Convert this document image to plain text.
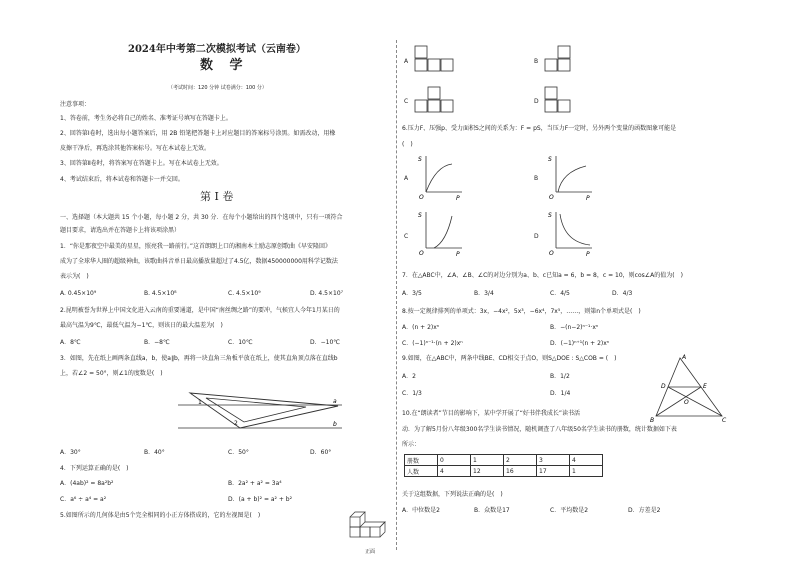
2024年中考第二次模拟考试（云南卷）
数 学
（考试时间：120 分钟 试卷满分：100 分）
注意事项：
1、答卷前，考生务必将自己的姓名、准考证号填写在答题卡上。
2、回答第Ⅰ卷时，选出每小题答案后，用 2B 铅笔把答题卡上对应题目的答案标号涂黑。如需改动，用橡
皮擦干净后，再选涂其他答案标号。写在本试卷上无效。
3、回答第Ⅱ卷时，将答案写在答题卡上。写在本试卷上无效。
4、考试结束后，将本试卷和答题卡一并交回。
第 Ⅰ 卷
一、选择题（本大题共 15 个小题，每小题 2 分，共 30 分．在每个小题给出的四个选项中，只有一项符合
题目要求，请选出并在答题卡上将该项涂黑）
1．“你是那夜空中最美的星星，照亮我一路前行。”这首朗朗上口的湘南本土励志原创歌曲《早安隆回》
成为了全球华人圈的超级神曲，该歌曲抖音单日最高播放量超过了4.5亿，数据450000000用科学记数法
表示为(　)
A. 0.45×10⁹	B. 4.5×10⁸	C. 4.5×10⁹	D. 4.5×10⁷
2.昆明被誉为世界上中国文化进入云南的重要通道，是中国“南丝绸之路”的要冲，气候宜人今年1月某日的
最高气温为9℃，最低气温为−1℃，则该日的最大温差为(　)
A．8℃	B．−8℃	C．10℃	D．−10℃
3．如图，先在纸上画两条直线a，b，使a∥b，再将一块直角三角板平放在纸上，使其直角顶点落在直线b
上，若∠2 = 50°，则∠1的度数是(　)
1
2
a
b
A．30°	B．40°	C．50°	D．60°
4．下列运算正确的是(　)
A．(4ab)² = 8a²b²	B．2a² + a² = 3a⁴
C．a⁶ ÷ a⁴ = a²	D．(a + b)² = a² + b²
5.如图所示的几何体是由5个完全相同的小正方体搭成的，它的左视图是(　)
正面
A	B
C	D
6.压力F、压强p、受力面积S之间的关系为：F = pS，当压力F一定时，另外两个变量的函数图象可能是
(　)
A
S
P
O
B
S
P
O
C
S
P
O
D
S
P
O
7．在△ABC中，∠A、∠B、∠C的对边分别为a、b、c已知a = 6，b = 8，c = 10，则cos∠A的值为(　)
A．3/5	B．3/4	C．4/5	D．4/3
8.按一定规律排列的单项式：3x，−4x²，5x³，−6x⁴，7x⁵，……，则第n个单项式是(　)
A．(n + 2)xⁿ	B．−(n−2)ⁿ⁻¹·xⁿ
C．(−1)ⁿ⁻¹·(n + 2)xⁿ	D．(−1)ⁿ⁺¹(n + 2)xⁿ
9.如图，在△ABC中，两条中线BE、CD相交于点O，则S△DOE : S△COB = (　)
A．2	B．1/2
C．1/3	D．1/4
A
B	C
D	E
O
10.在“朗读者”节目的影响下，某中学开展了“好书伴我成长”读书活
动．为了解5月份八年级300名学生读书情况，随机调查了八年级50名学生读书的册数，统计数据如下表
所示：
册数	0	1	2	3	4
人数	4	12	16	17	1
关于这组数据，下列说法正确的是(　)
A．中位数是2	B．众数是17	C．平均数是2	D．方差是2
